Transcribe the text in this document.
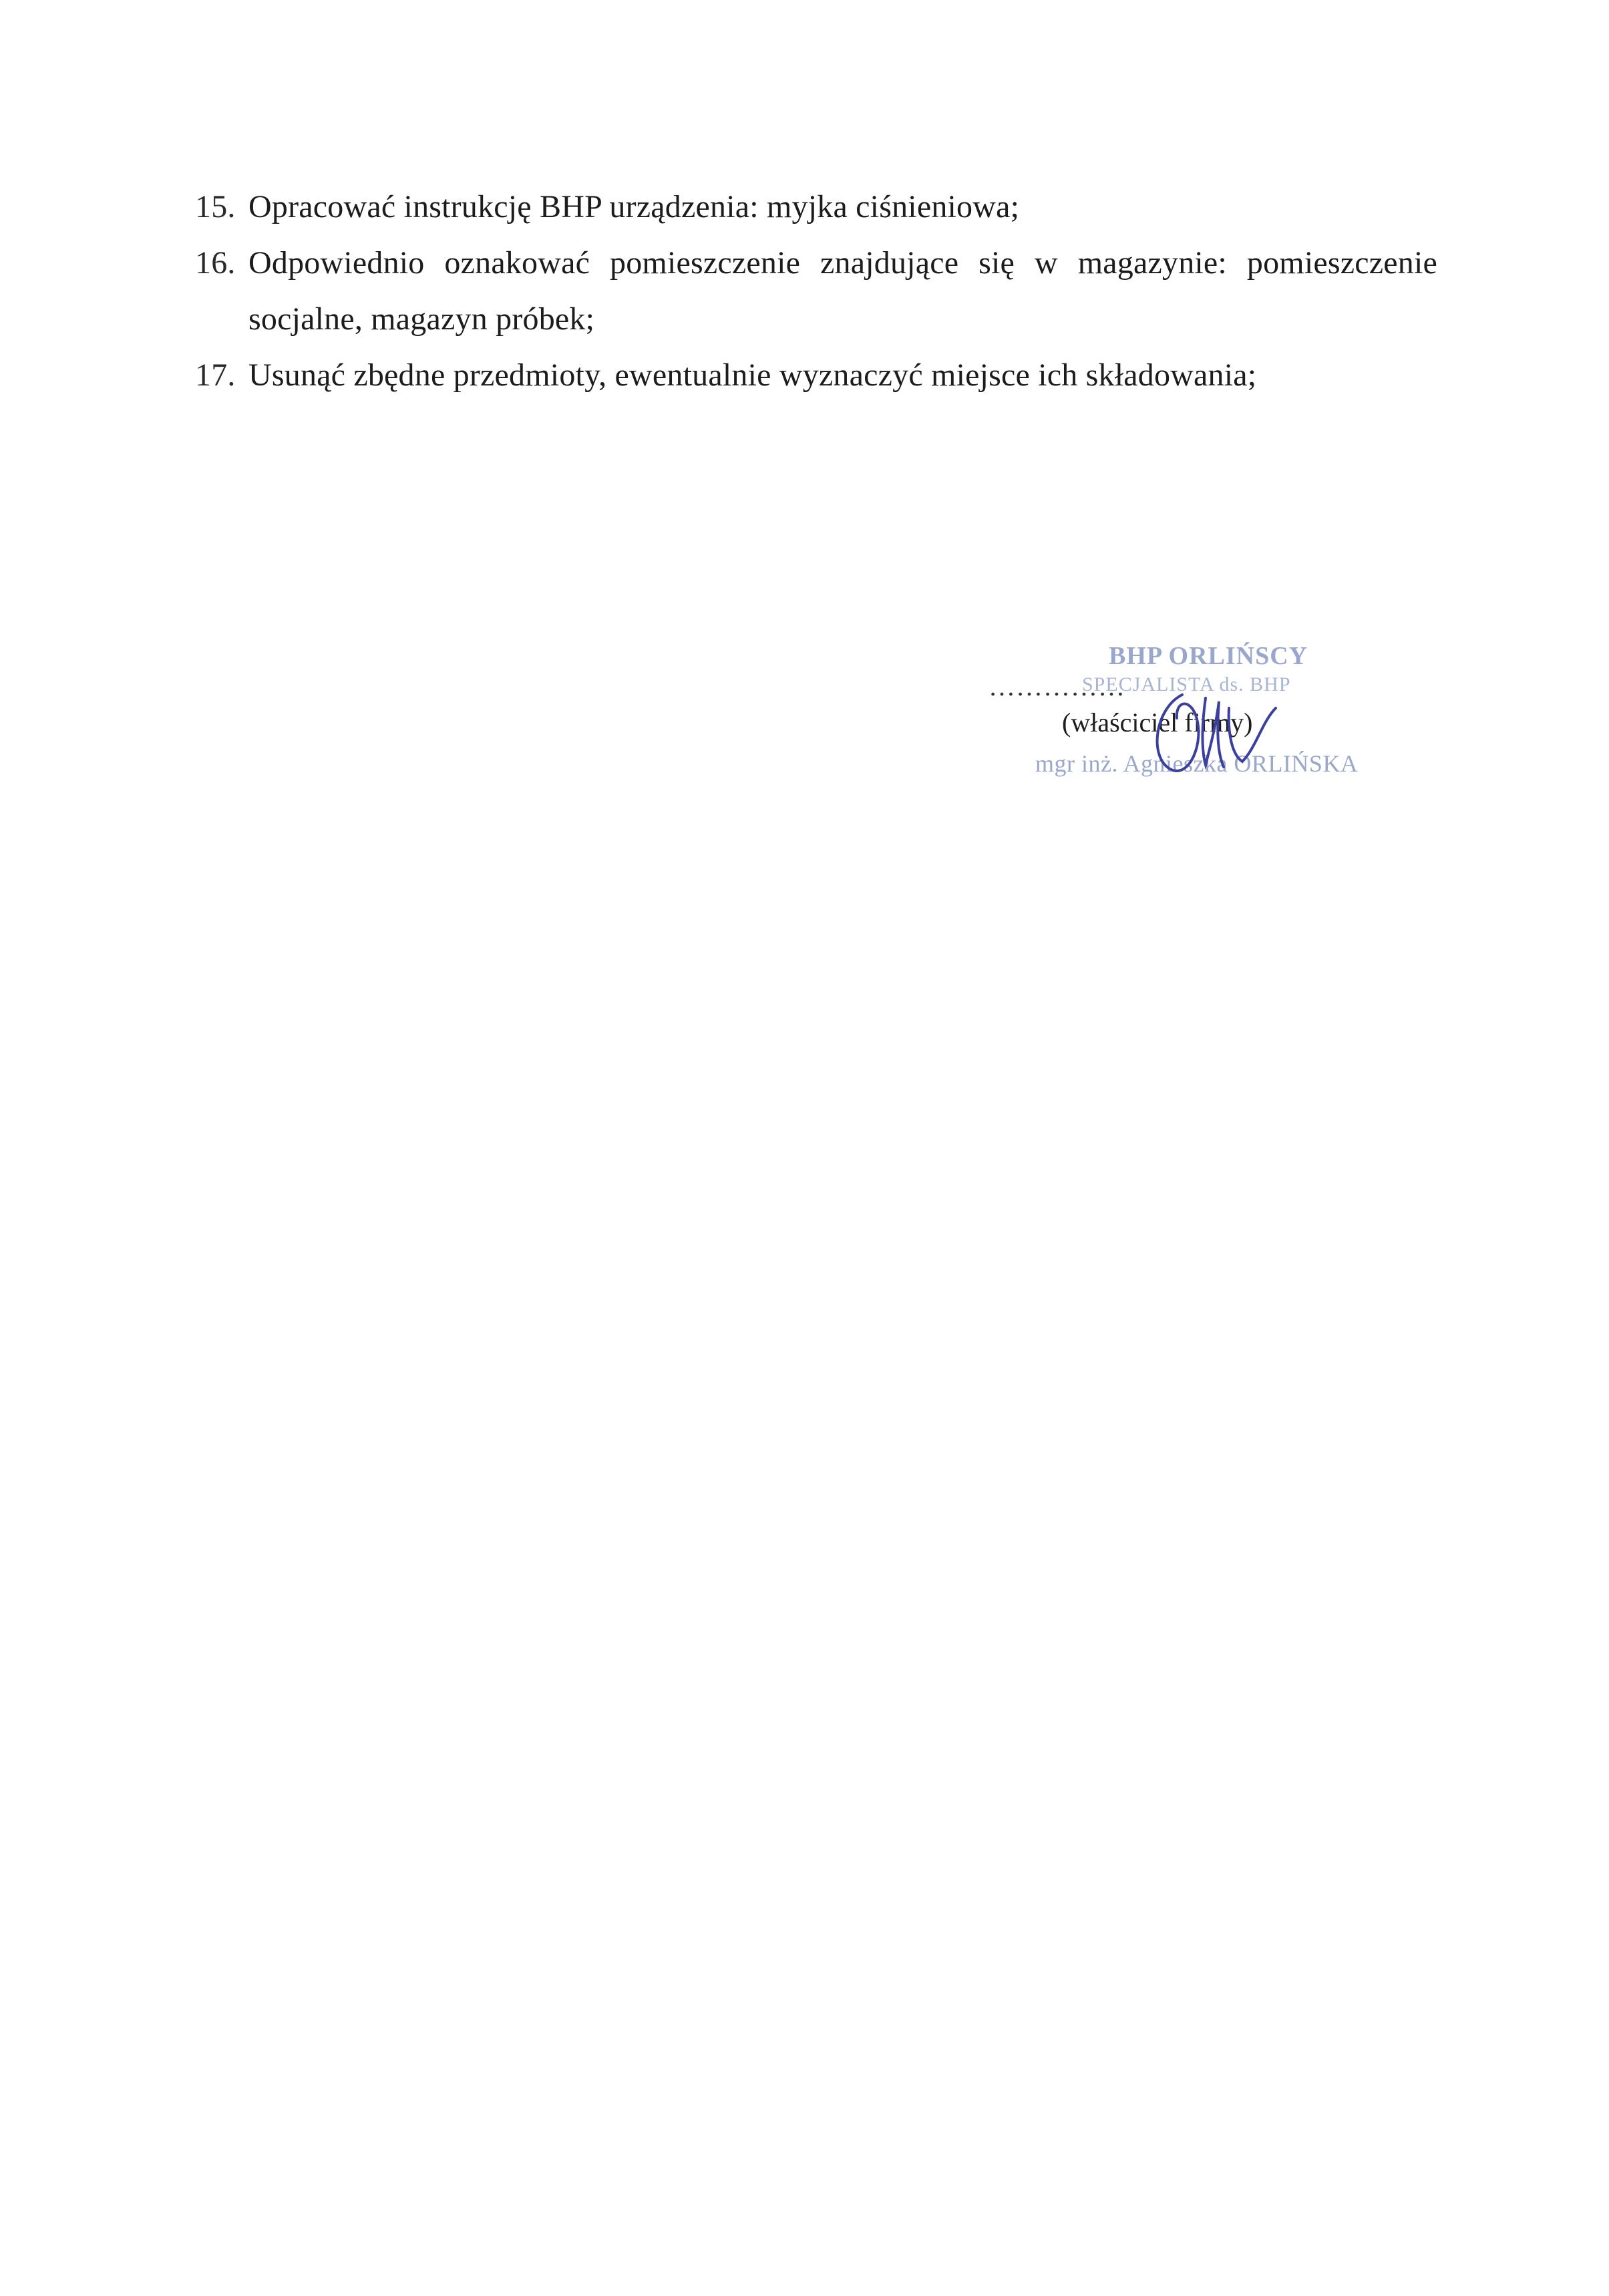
15. Opracować instrukcję BHP urządzenia: myjka ciśnieniowa;
16. Odpowiednio oznakować pomieszczenie znajdujące się w magazynie: pomieszczenie socjalne, magazyn próbek;
17. Usunąć zbędne przedmioty, ewentualnie wyznaczyć miejsce ich składowania;
BHP ORLIŃSCY
SPECJALISTA ds. BHP
……………
(właściciel firmy)
mgr inż. Agnieszka ORLIŃSKA
